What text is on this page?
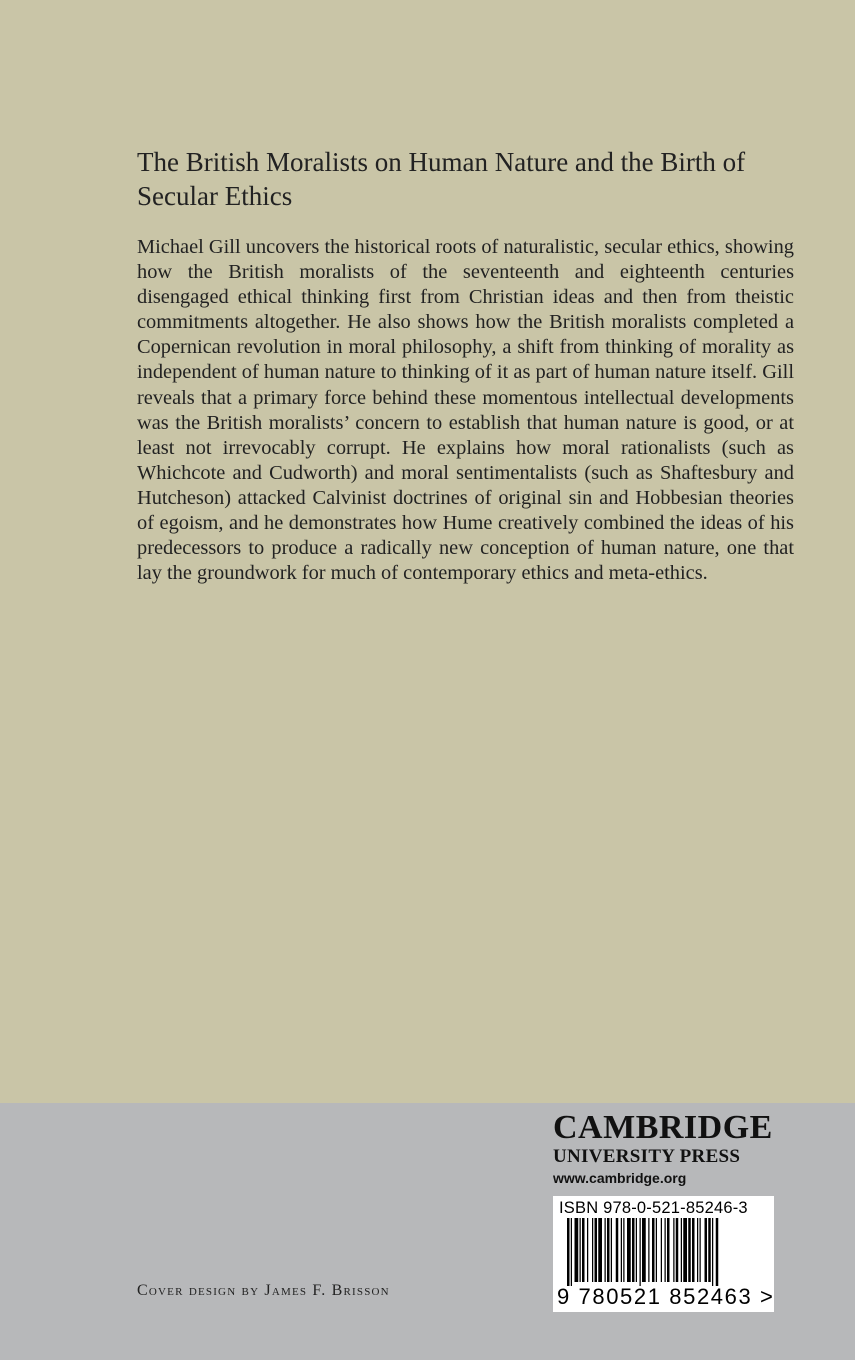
The British Moralists on Human Nature and the Birth of Secular Ethics

Michael Gill uncovers the historical roots of naturalistic, secular ethics, showing how the British moralists of the seventeenth and eighteenth centuries disengaged ethical thinking first from Christian ideas and then from theistic commitments altogether. He also shows how the British moralists completed a Copernican revolution in moral philosophy, a shift from thinking of morality as independent of human nature to thinking of it as part of human nature itself. Gill reveals that a primary force behind these momentous intellectual developments was the British moralists’ concern to establish that human nature is good, or at least not irrevocably corrupt. He explains how moral rationalists (such as Whichcote and Cudworth) and moral sentimentalists (such as Shaftesbury and Hutcheson) attacked Calvinist doctrines of original sin and Hobbesian theories of egoism, and he demonstrates how Hume creatively combined the ideas of his predecessors to produce a radically new conception of human nature, one that lay the groundwork for much of contemporary ethics and meta-ethics.

CAMBRIDGE
UNIVERSITY PRESS
www.cambridge.org
ISBN 978-0-521-85246-3
9 780521 852463 >
Cover design by James F. Brisson
